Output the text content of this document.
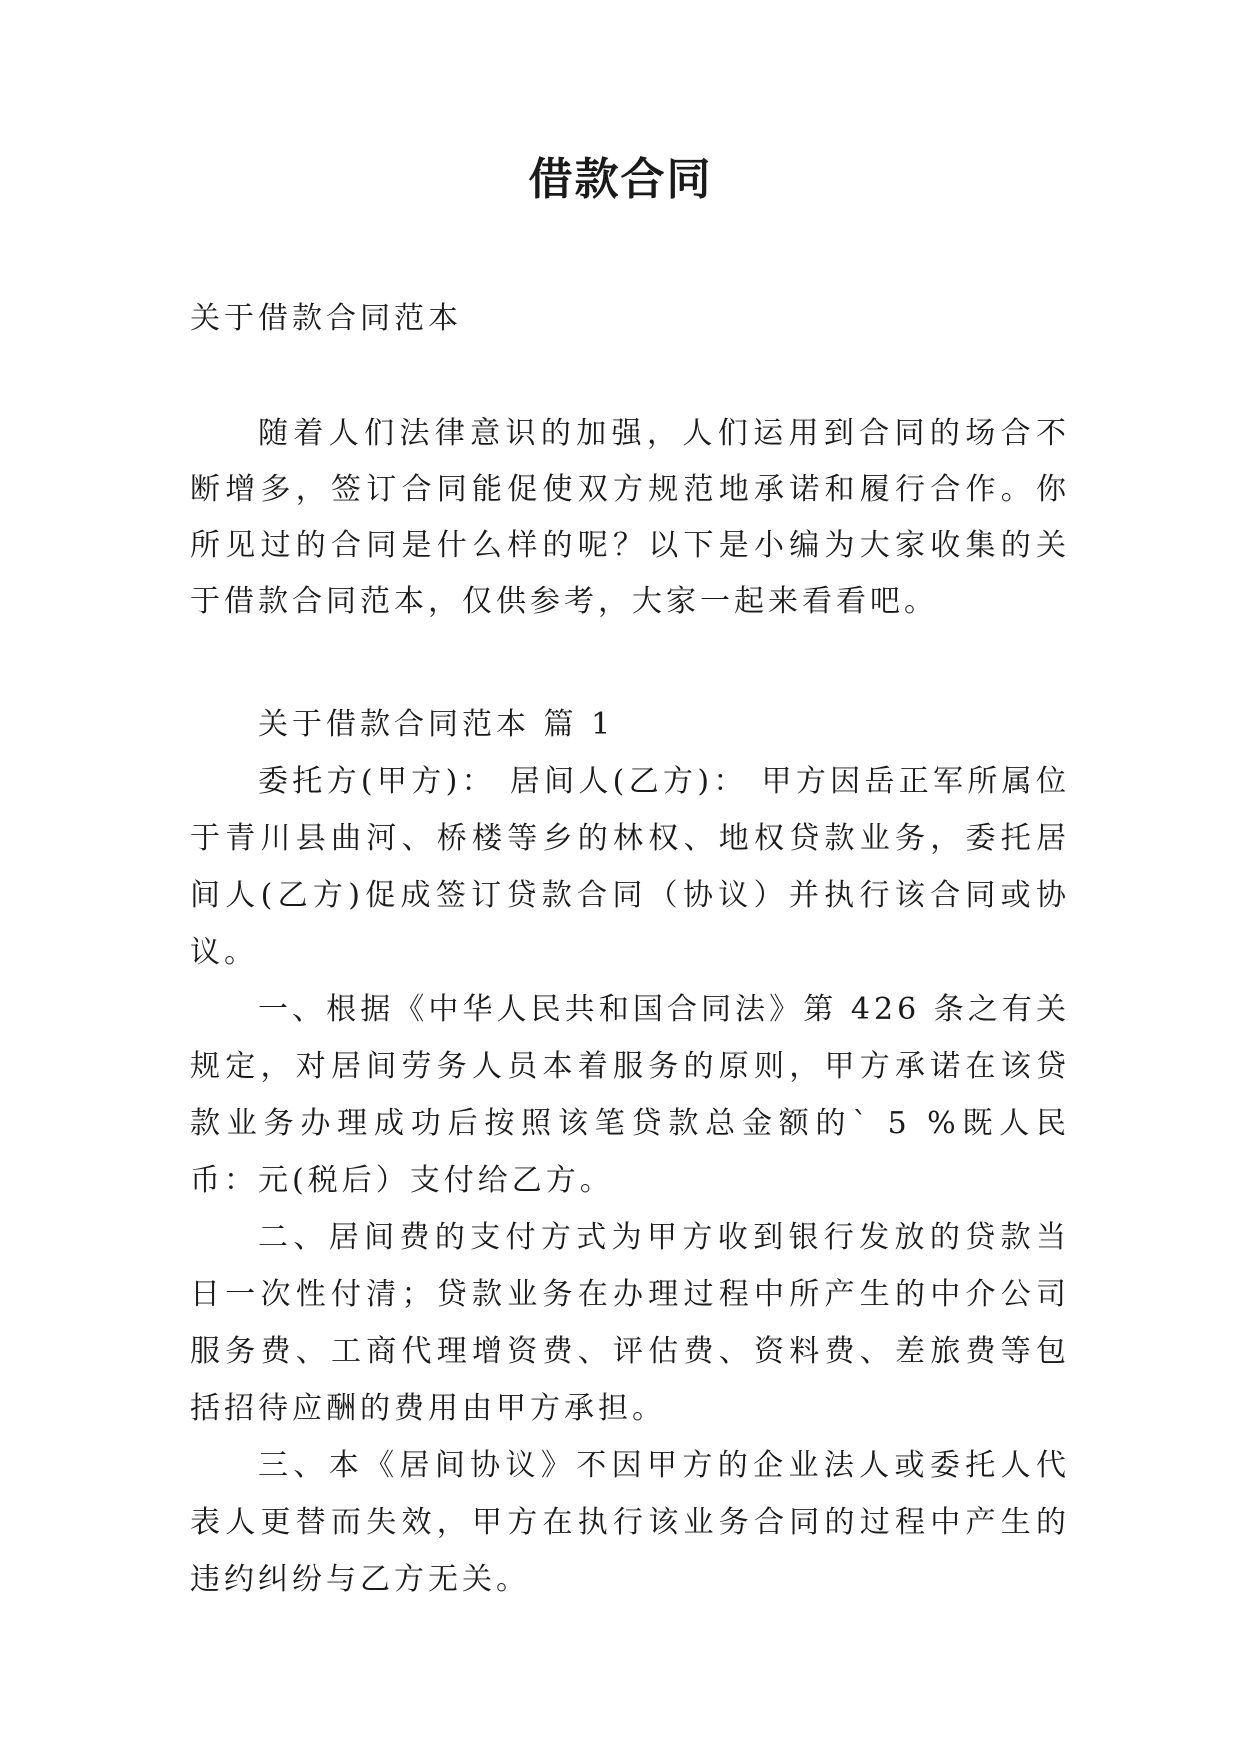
借款合同

关于借款合同范本

随着人们法律意识的加强，人们运用到合同的场合不断增多，签订合同能促使双方规范地承诺和履行合作。你所见过的合同是什么样的呢？以下是小编为大家收集的关于借款合同范本，仅供参考，大家一起来看看吧。

关于借款合同范本 篇 1

委托方(甲方)： 居间人(乙方)： 甲方因岳正军所属位于青川县曲河、桥楼等乡的林权、地权贷款业务，委托居间人(乙方)促成签订贷款合同（协议）并执行该合同或协议。

一、根据《中华人民共和国合同法》第 426 条之有关规定，对居间劳务人员本着服务的原则，甲方承诺在该贷款业务办理成功后按照该笔贷款总金额的` 5 %既人民币：元(税后）支付给乙方。

二、居间费的支付方式为甲方收到银行发放的贷款当日一次性付清；贷款业务在办理过程中所产生的中介公司服务费、工商代理增资费、评估费、资料费、差旅费等包括招待应酬的费用由甲方承担。

三、本《居间协议》不因甲方的企业法人或委托人代表人更替而失效，甲方在执行该业务合同的过程中产生的违约纠纷与乙方无关。
